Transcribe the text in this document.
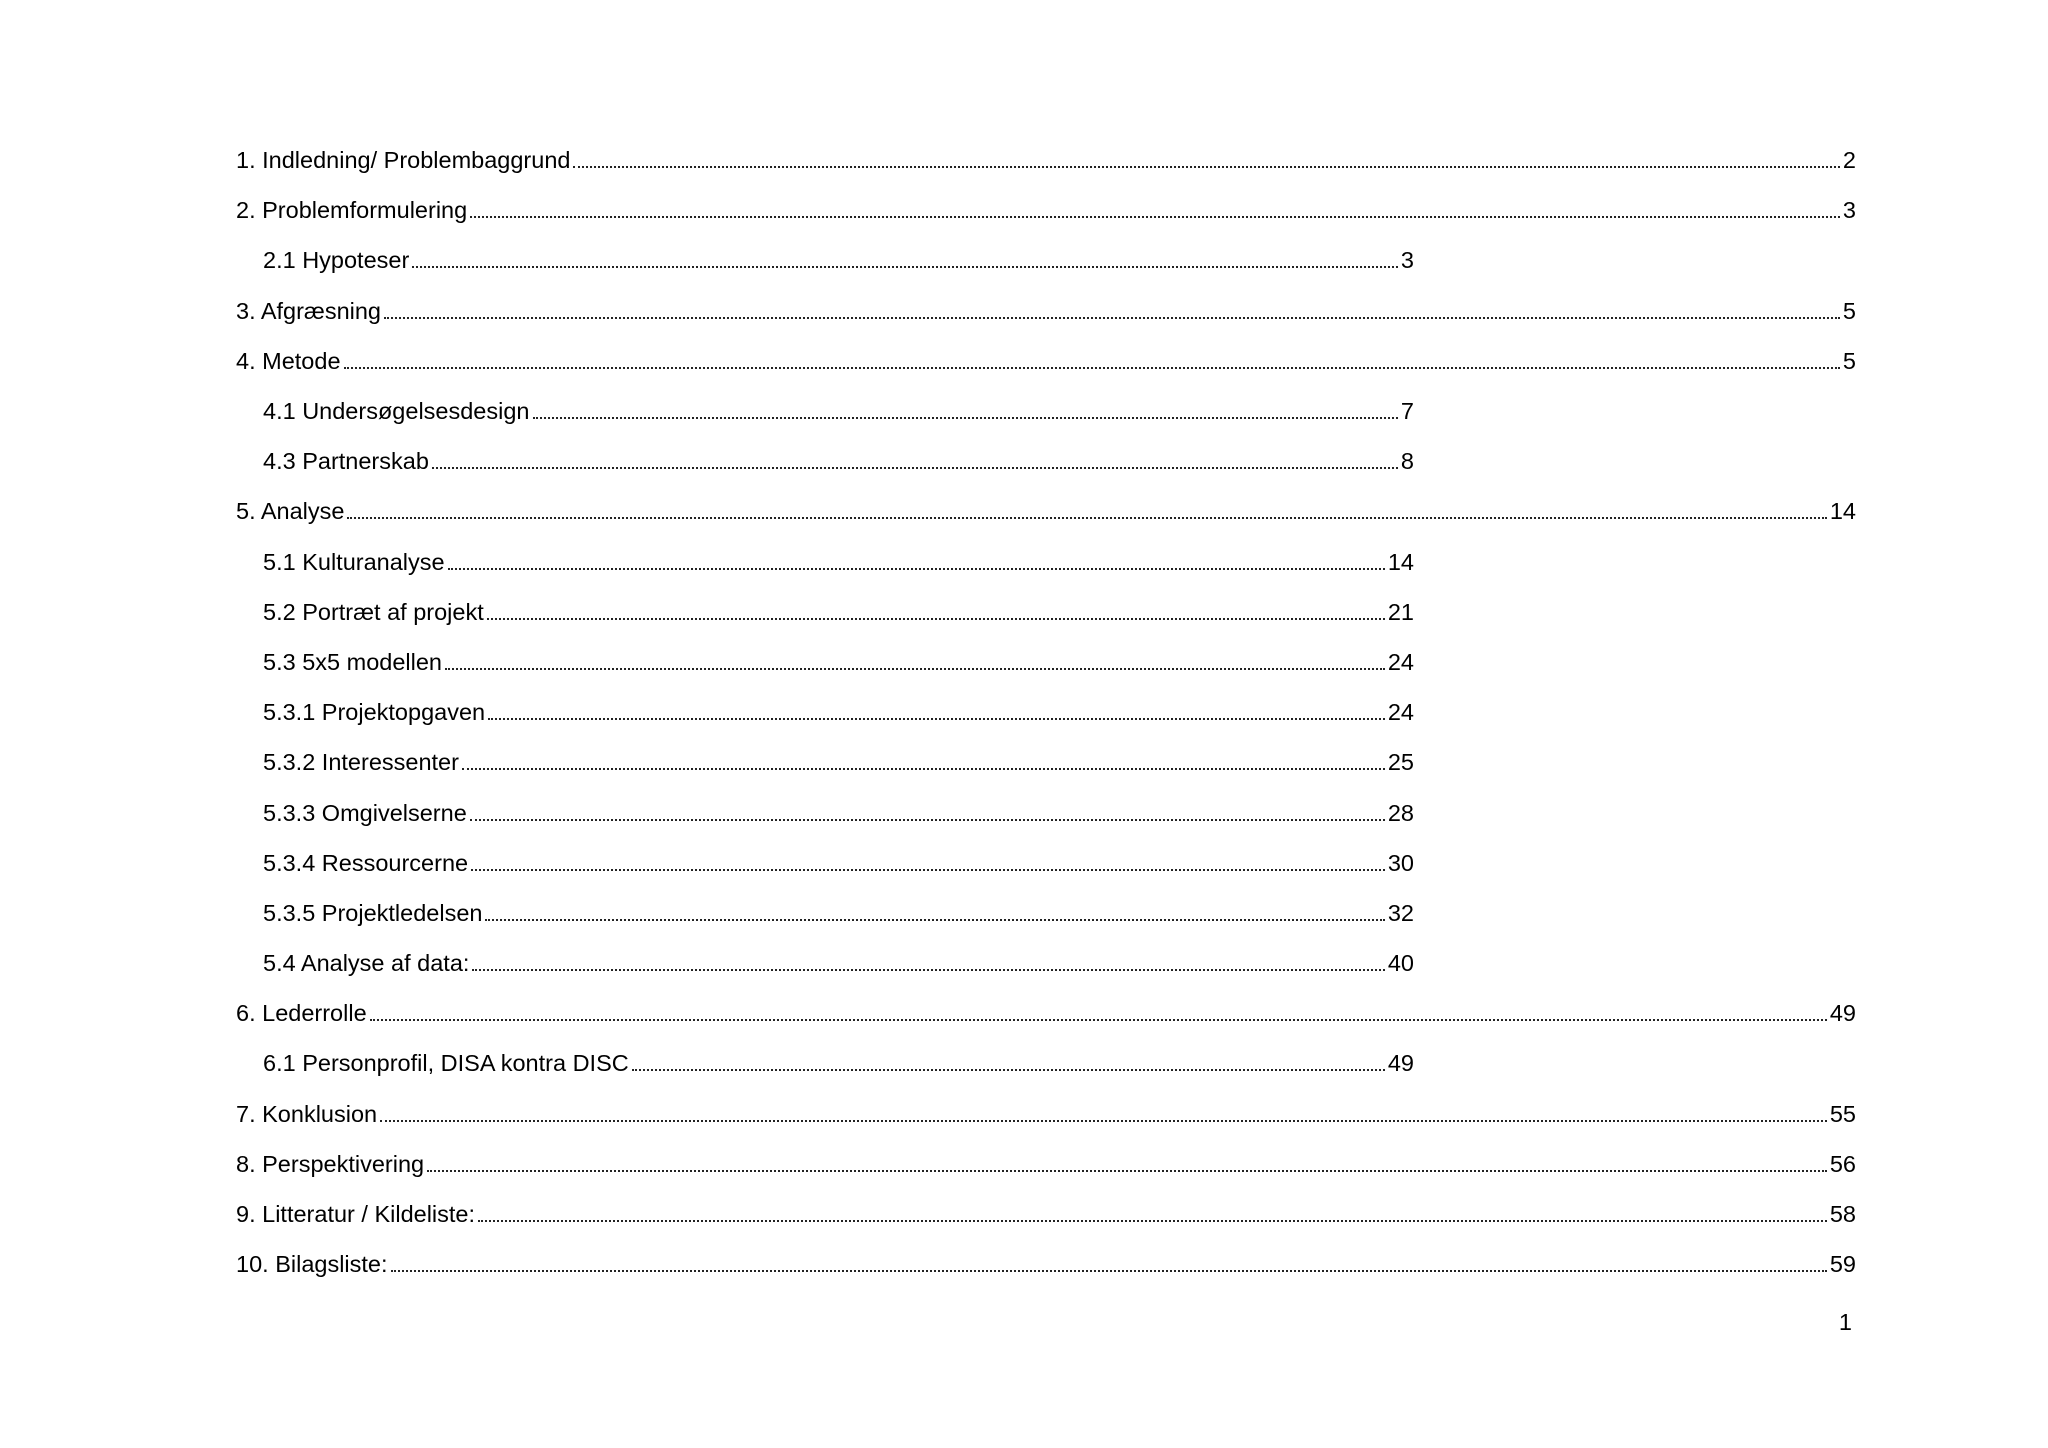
1. Indledning/ Problembaggrund	2
2. Problemformulering	3
2.1 Hypoteser	3
3. Afgræsning	5
4. Metode	5
4.1 Undersøgelsesdesign	7
4.3 Partnerskab	8
5. Analyse	14
5.1 Kulturanalyse	14
5.2 Portræt af projekt	21
5.3 5x5 modellen	24
5.3.1 Projektopgaven	24
5.3.2 Interessenter	25
5.3.3 Omgivelserne	28
5.3.4 Ressourcerne	30
5.3.5 Projektledelsen	32
5.4 Analyse af data:	40
6. Lederrolle	49
6.1 Personprofil, DISA kontra DISC	49
7. Konklusion	55
8. Perspektivering	56
9. Litteratur / Kildeliste:	58
10. Bilagsliste:	59
1
